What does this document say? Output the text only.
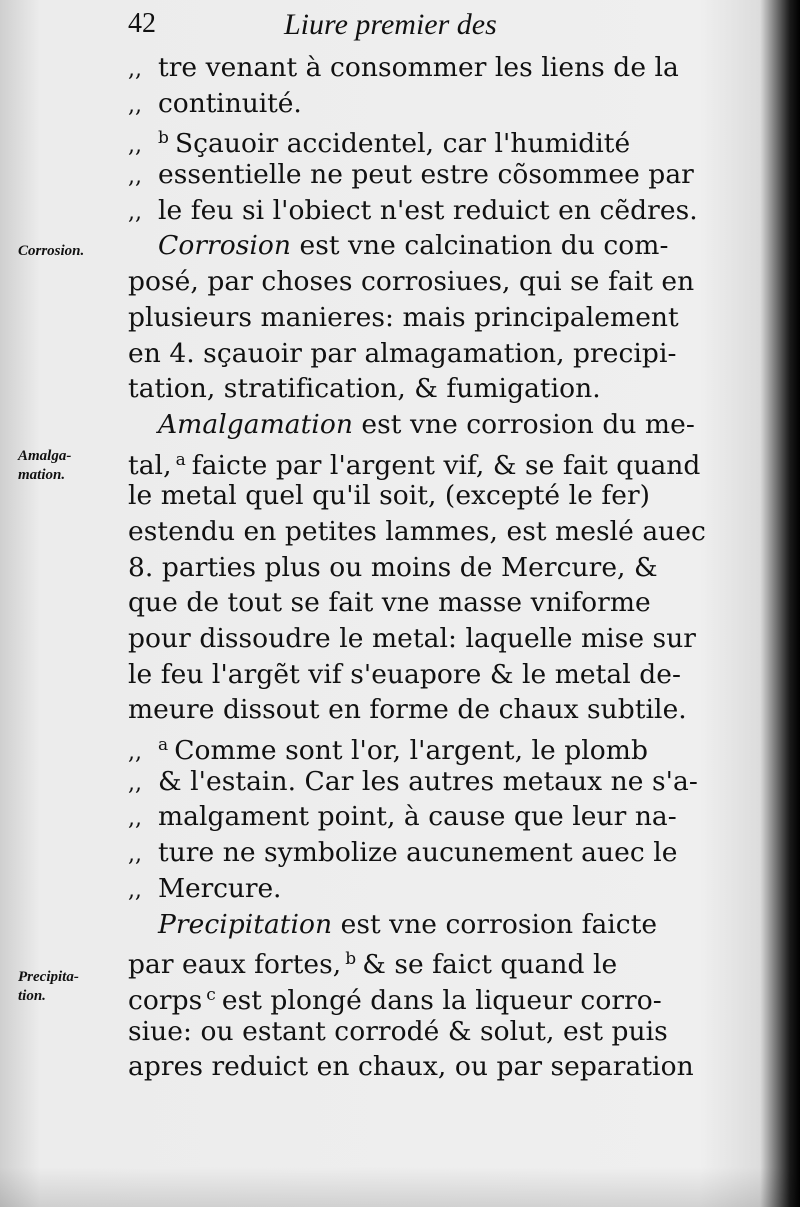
42	Liure premier des
Corrosion.
Amalga-
mation.
Precipita-
tion.
,, tre venant à consommer les liens de la
,, continuité.
,, $^b$ Sçauoir accidentel, car l'humidité
,, essentielle ne peut estre cõsommee par
,, le feu si l'obiect n'est reduict en cẽdres.
Corrosion est vne calcination du com-
posé, par choses corrosiues, qui se fait en
plusieurs manieres: mais principalement
en 4. sçauoir par almagamation, precipi-
tation, stratification, & fumigation.
Amalgamation est vne corrosion du me-
tal, $^a$ faicte par l'argent vif, & se fait quand
le metal quel qu'il soit, (excepté le fer)
estendu en petites lammes, est meslé auec
8. parties plus ou moins de Mercure, &
que de tout se fait vne masse vniforme
pour dissoudre le metal: laquelle mise sur
le feu l'argẽt vif s'euapore & le metal de-
meure dissout en forme de chaux subtile.
,, $^a$ Comme sont l'or, l'argent, le plomb
,, & l'estain. Car les autres metaux ne s'a-
,, malgament point, à cause que leur na-
,, ture ne symbolize aucunement auec le
,, Mercure.
Precipitation est vne corrosion faicte
par eaux fortes, $^b$ & se faict quand le
corps $^c$ est plongé dans la liqueur corro-
siue: ou estant corrodé & solut, est puis
apres reduict en chaux, ou par separation
